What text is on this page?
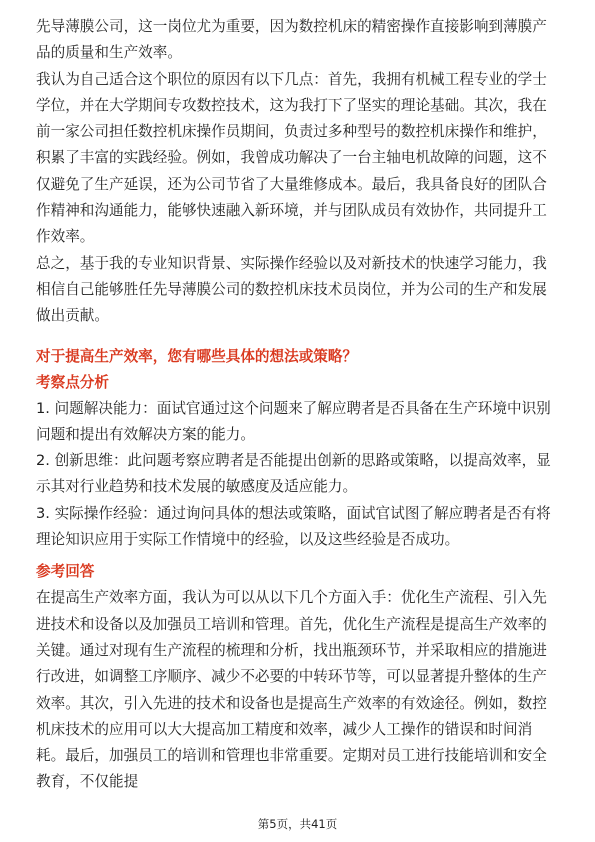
先导薄膜公司，这一岗位尤为重要，因为数控机床的精密操作直接影响到薄膜产品的质量和生产效率。

我认为自己适合这个职位的原因有以下几点：首先，我拥有机械工程专业的学士学位，并在大学期间专攻数控技术，这为我打下了坚实的理论基础。其次，我在前一家公司担任数控机床操作员期间，负责过多种型号的数控机床操作和维护，积累了丰富的实践经验。例如，我曾成功解决了一台主轴电机故障的问题，这不仅避免了生产延误，还为公司节省了大量维修成本。最后，我具备良好的团队合作精神和沟通能力，能够快速融入新环境，并与团队成员有效协作，共同提升工作效率。

总之，基于我的专业知识背景、实际操作经验以及对新技术的快速学习能力，我相信自己能够胜任先导薄膜公司的数控机床技术员岗位，并为公司的生产和发展做出贡献。

对于提高生产效率，您有哪些具体的想法或策略？

考察点分析

1. 问题解决能力：面试官通过这个问题来了解应聘者是否具备在生产环境中识别问题和提出有效解决方案的能力。

2. 创新思维：此问题考察应聘者是否能提出创新的思路或策略，以提高效率，显示其对行业趋势和技术发展的敏感度及适应能力。

3. 实际操作经验：通过询问具体的想法或策略，面试官试图了解应聘者是否有将理论知识应用于实际工作情境中的经验，以及这些经验是否成功。

参考回答

在提高生产效率方面，我认为可以从以下几个方面入手：优化生产流程、引入先进技术和设备以及加强员工培训和管理。首先，优化生产流程是提高生产效率的关键。通过对现有生产流程的梳理和分析，找出瓶颈环节，并采取相应的措施进行改进，如调整工序顺序、减少不必要的中转环节等，可以显著提升整体的生产效率。其次，引入先进的技术和设备也是提高生产效率的有效途径。例如，数控机床技术的应用可以大大提高加工精度和效率，减少人工操作的错误和时间消耗。最后，加强员工的培训和管理也非常重要。定期对员工进行技能培训和安全教育，不仅能提

第5页，共41页
